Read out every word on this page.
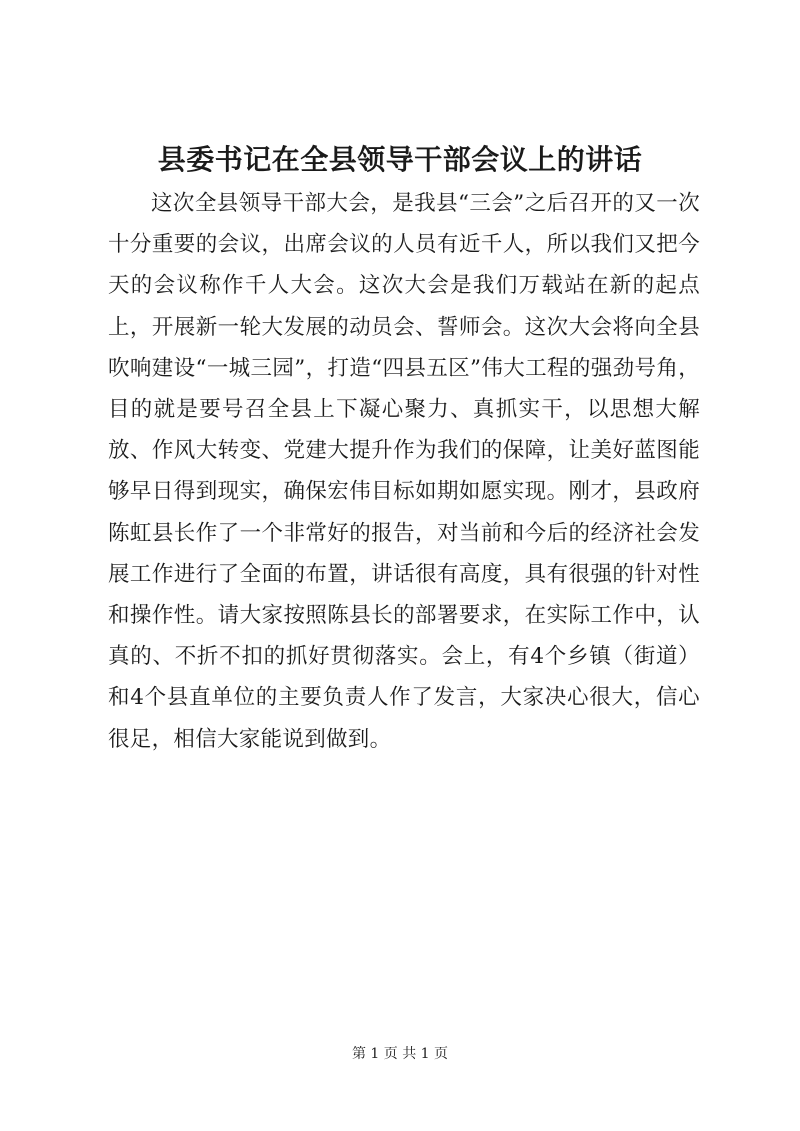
县委书记在全县领导干部会议上的讲话

这次全县领导干部大会，是我县“三会”之后召开的又一次十分重要的会议，出席会议的人员有近千人，所以我们又把今天的会议称作千人大会。这次大会是我们万载站在新的起点上，开展新一轮大发展的动员会、誓师会。这次大会将向全县吹响建设“一城三园”，打造“四县五区”伟大工程的强劲号角，目的就是要号召全县上下凝心聚力、真抓实干，以思想大解放、作风大转变、党建大提升作为我们的保障，让美好蓝图能够早日得到现实，确保宏伟目标如期如愿实现。刚才，县政府陈虹县长作了一个非常好的报告，对当前和今后的经济社会发展工作进行了全面的布置，讲话很有高度，具有很强的针对性和操作性。请大家按照陈县长的部署要求，在实际工作中，认真的、不折不扣的抓好贯彻落实。会上，有4个乡镇（街道）和4个县直单位的主要负责人作了发言，大家决心很大，信心很足，相信大家能说到做到。

第 1 页 共 1 页
